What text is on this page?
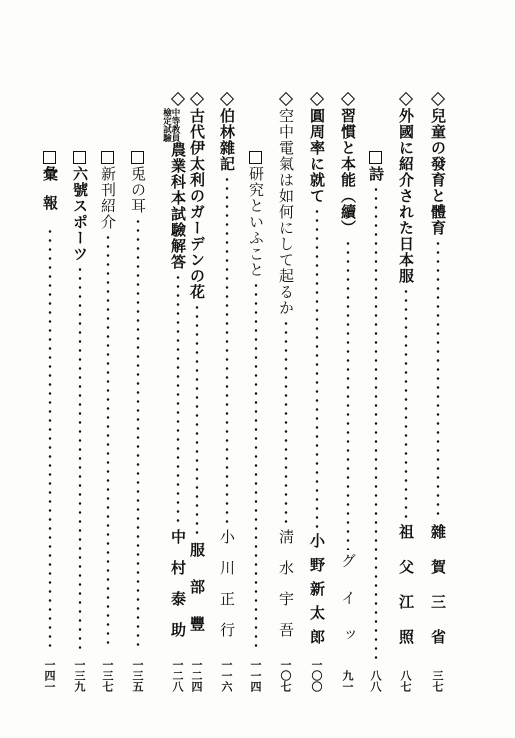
兒童の發育と體育
雜賀三省
三七
外國に紹介された日本服
祖父江照
八七
詩
八八
習慣と本能（續）
グイッ
九一
圓周率に就て
小野新太郎
一〇〇
空中電氣は如何にして起るか
淸水宇吾
一〇七
研究といふこと
一一四
伯林雜記
小川正行
一一六
古代伊太利のガーデンの花
服部豐
一二四
中等教員
檢定試驗
農業科本試驗解答
中村泰助
一二八
兎の耳
一三五
新刊紹介
一三七
六號スポーツ
一三九
彙報
一四一
